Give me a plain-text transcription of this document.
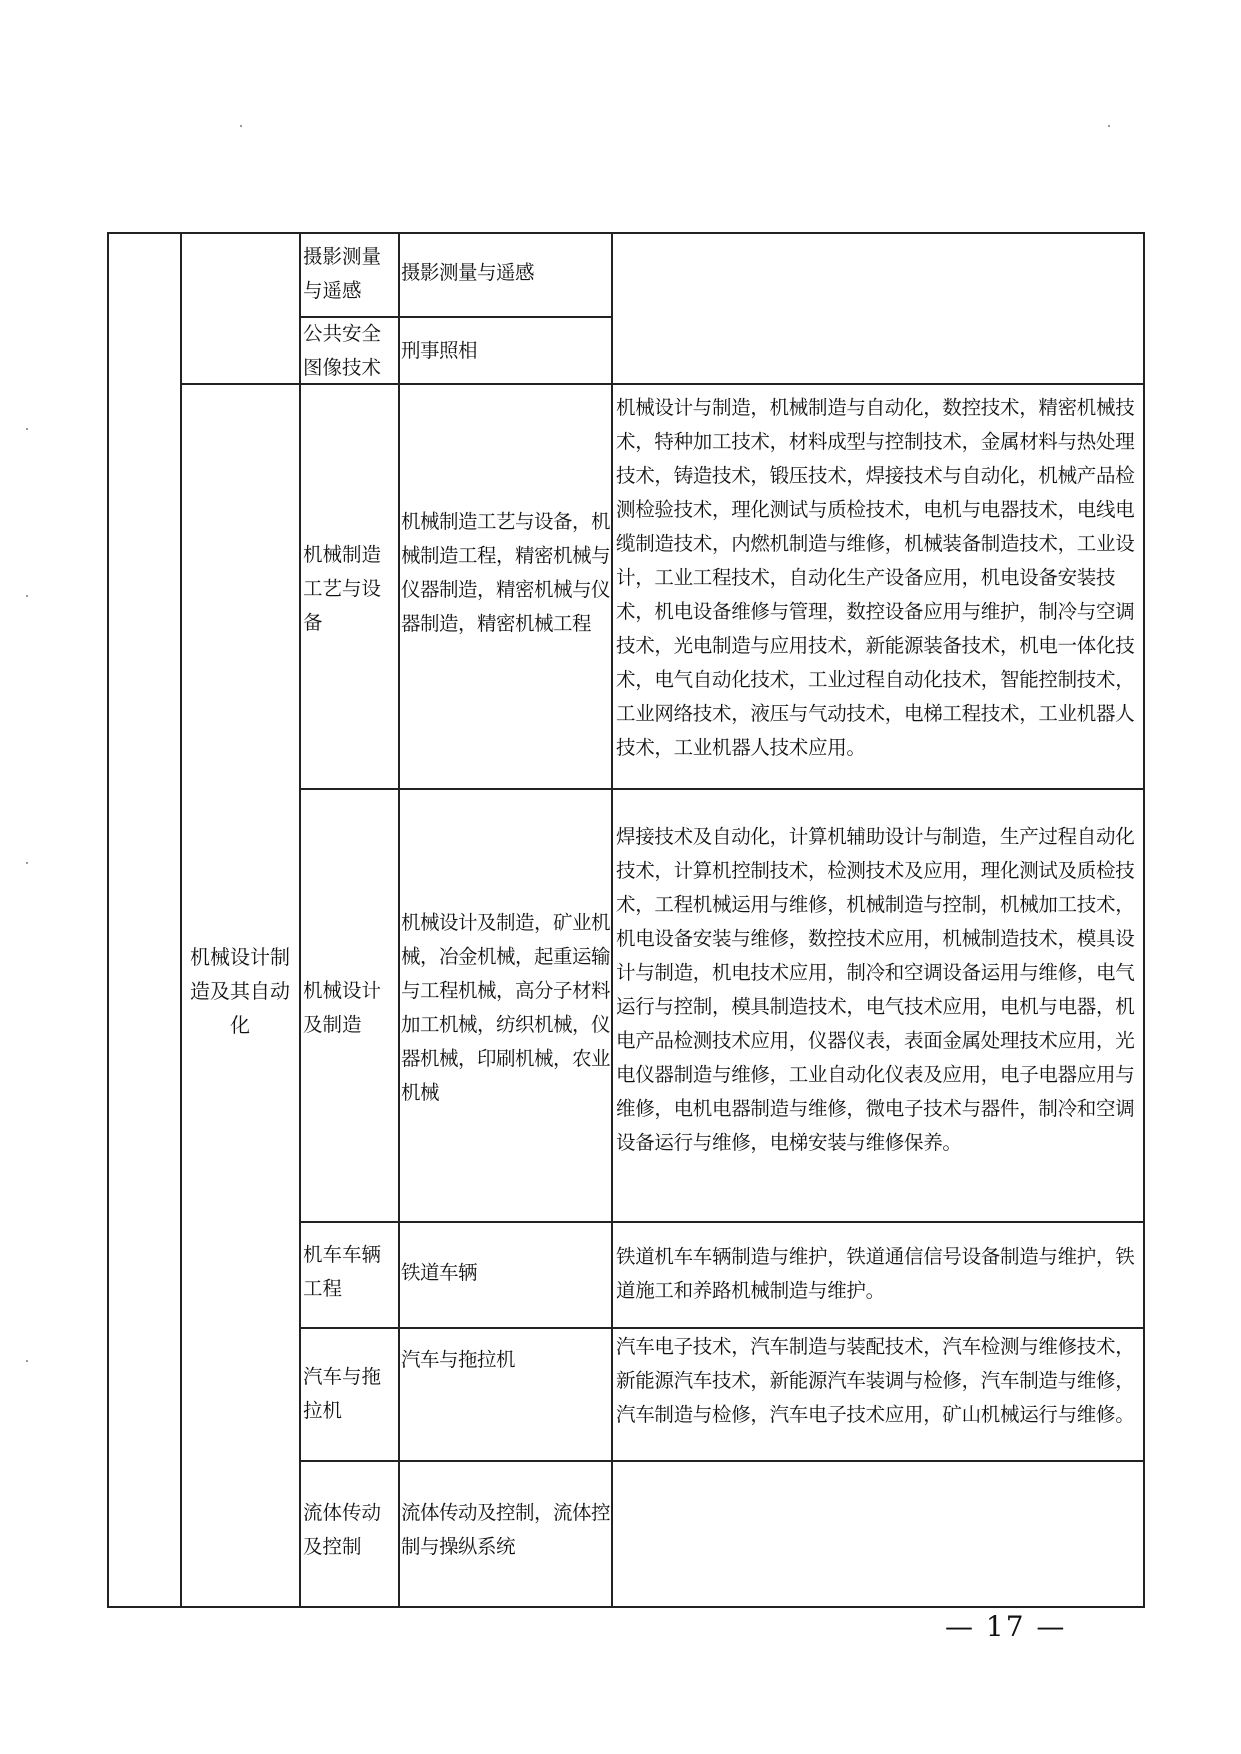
摄影测量与遥感
摄影测量与遥感
公共安全图像技术
刑事照相
机械设计制造及其自动化
机械制造工艺与设备
机械制造工艺与设备，机械制造工程，精密机械与仪器制造，精密机械与仪器制造，精密机械工程
机械设计与制造，机械制造与自动化，数控技术，精密机械技术，特种加工技术，材料成型与控制技术，金属材料与热处理技术，铸造技术，锻压技术，焊接技术与自动化，机械产品检测检验技术，理化测试与质检技术，电机与电器技术，电线电缆制造技术，内燃机制造与维修，机械装备制造技术，工业设计，工业工程技术，自动化生产设备应用，机电设备安装技术，机电设备维修与管理，数控设备应用与维护，制冷与空调技术，光电制造与应用技术，新能源装备技术，机电一体化技术，电气自动化技术，工业过程自动化技术，智能控制技术，工业网络技术，液压与气动技术，电梯工程技术，工业机器人技术，工业机器人技术应用。
机械设计及制造
机械设计及制造，矿业机械，冶金机械，起重运输与工程机械，高分子材料加工机械，纺织机械，仪器机械，印刷机械，农业机械
焊接技术及自动化，计算机辅助设计与制造，生产过程自动化技术，计算机控制技术，检测技术及应用，理化测试及质检技术，工程机械运用与维修，机械制造与控制，机械加工技术，机电设备安装与维修，数控技术应用，机械制造技术，模具设计与制造，机电技术应用，制冷和空调设备运用与维修，电气运行与控制，模具制造技术，电气技术应用，电机与电器，机电产品检测技术应用，仪器仪表，表面金属处理技术应用，光电仪器制造与维修，工业自动化仪表及应用，电子电器应用与维修，电机电器制造与维修，微电子技术与器件，制冷和空调设备运行与维修，电梯安装与维修保养。
机车车辆工程
铁道车辆
铁道机车车辆制造与维护，铁道通信信号设备制造与维护，铁道施工和养路机械制造与维护。
汽车与拖拉机
汽车与拖拉机
汽车电子技术，汽车制造与装配技术，汽车检测与维修技术，新能源汽车技术，新能源汽车装调与检修，汽车制造与维修，汽车制造与检修，汽车电子技术应用，矿山机械运行与维修。
流体传动及控制
流体传动及控制，流体控制与操纵系统
— 17 —
